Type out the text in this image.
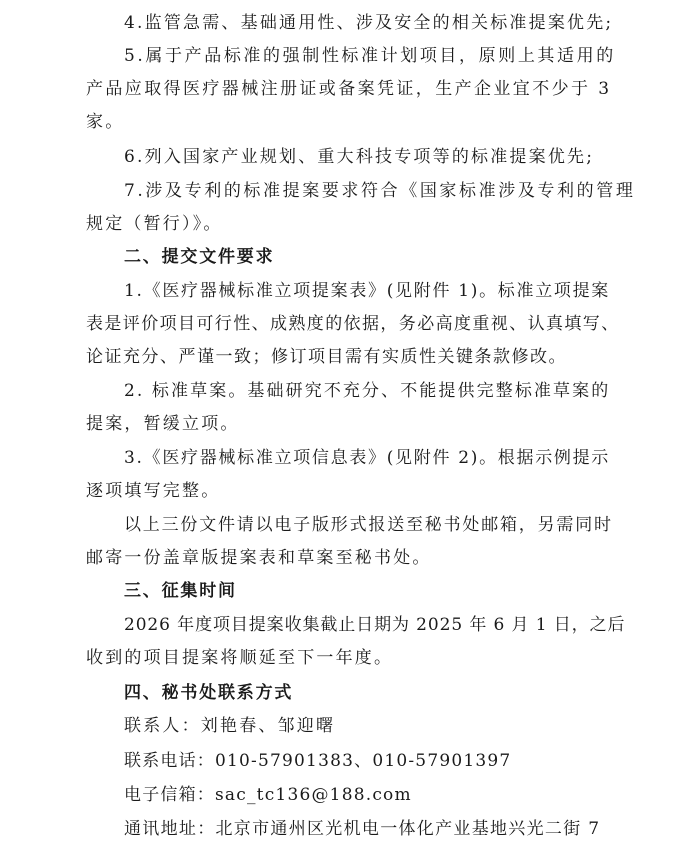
4.监管急需、基础通用性、涉及安全的相关标准提案优先;
5.属于产品标准的强制性标准计划项目，原则上其适用的
产品应取得医疗器械注册证或备案凭证，生产企业宜不少于 3
家。
6.列入国家产业规划、重大科技专项等的标准提案优先;
7.涉及专利的标准提案要求符合《国家标准涉及专利的管理
规定（暂行）》。
二、提交文件要求
1.《医疗器械标准立项提案表》(见附件 1)。标准立项提案
表是评价项目可行性、成熟度的依据，务必高度重视、认真填写、
论证充分、严谨一致；修订项目需有实质性关键条款修改。
2. 标准草案。基础研究不充分、不能提供完整标准草案的
提案，暂缓立项。
3.《医疗器械标准立项信息表》(见附件 2)。根据示例提示
逐项填写完整。
以上三份文件请以电子版形式报送至秘书处邮箱，另需同时
邮寄一份盖章版提案表和草案至秘书处。
三、征集时间
2026 年度项目提案收集截止日期为 2025 年 6 月 1 日，之后
收到的项目提案将顺延至下一年度。
四、秘书处联系方式
联系人：刘艳春、邹迎曙
联系电话：010-57901383、010-57901397
电子信箱：sac_tc136@188.com
通讯地址：北京市通州区光机电一体化产业基地兴光二街 7
